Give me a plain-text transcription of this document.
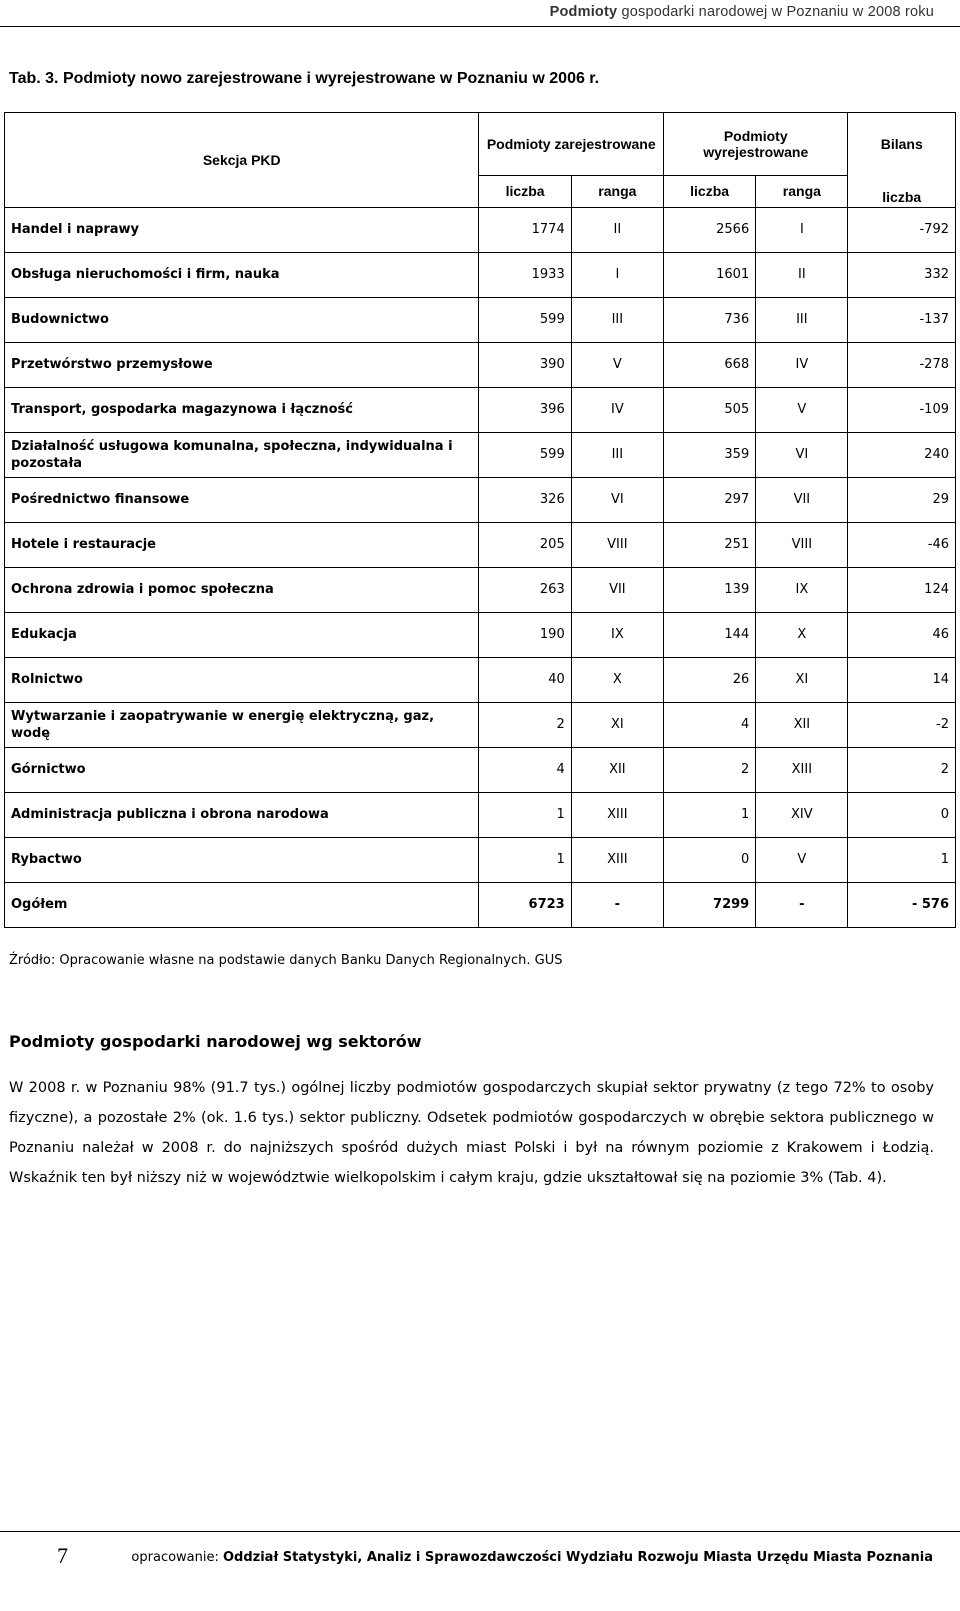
Podmioty gospodarki narodowej w Poznaniu w 2008 roku
Tab. 3. Podmioty nowo zarejestrowane i wyrejestrowane w Poznaniu w 2006 r.
Sekcja PKD	Podmioty zarejestrowane		Podmioty wyrejestrowane		Bilans
	liczba	ranga	liczba	ranga	liczba
Handel i naprawy	1774	II	2566	I	-792
Obsługa nieruchomości i firm, nauka	1933	I	1601	II	332
Budownictwo	599	III	736	III	-137
Przetwórstwo przemysłowe	390	V	668	IV	-278
Transport, gospodarka magazynowa i łączność	396	IV	505	V	-109
Działalność usługowa komunalna, społeczna, indywidualna i pozostała	599	III	359	VI	240
Pośrednictwo finansowe	326	VI	297	VII	29
Hotele i restauracje	205	VIII	251	VIII	-46
Ochrona zdrowia i pomoc społeczna	263	VII	139	IX	124
Edukacja	190	IX	144	X	46
Rolnictwo	40	X	26	XI	14
Wytwarzanie i zaopatrywanie w energię elektryczną, gaz, wodę	2	XI	4	XII	-2
Górnictwo	4	XII	2	XIII	2
Administracja publiczna i obrona narodowa	1	XIII	1	XIV	0
Rybactwo	1	XIII	0	V	1
Ogółem	6723	-	7299	-	- 576
Źródło: Opracowanie własne na podstawie danych Banku Danych Regionalnych. GUS
Podmioty gospodarki narodowej wg sektorów
W 2008 r. w Poznaniu 98% (91.7 tys.) ogólnej liczby podmiotów gospodarczych skupiał sektor prywatny (z tego 72% to osoby fizyczne), a pozostałe 2% (ok. 1.6 tys.) sektor publiczny. Odsetek podmiotów gospodarczych w obrębie sektora publicznego w Poznaniu należał w 2008 r. do najniższych spośród dużych miast Polski i był na równym poziomie z Krakowem i Łodzią. Wskaźnik ten był niższy niż w województwie wielkopolskim i całym kraju, gdzie ukształtował się na poziomie 3% (Tab. 4).
7	opracowanie: Oddział Statystyki, Analiz i Sprawozdawczości Wydziału Rozwoju Miasta Urzędu Miasta Poznania
